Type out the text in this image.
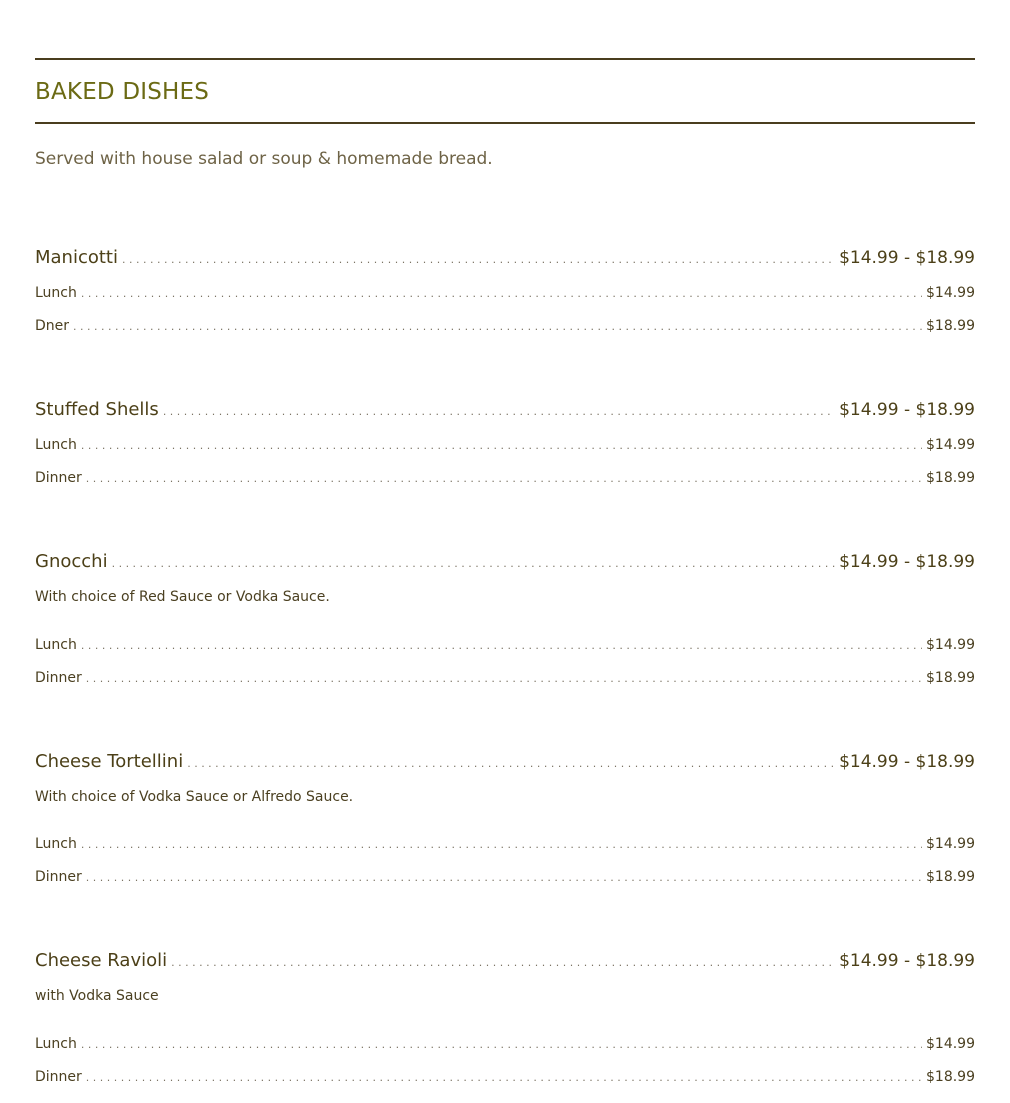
BAKED DISHES
Served with house salad or soup & homemade bread.
Manicotti . . .	$14.99 - $18.99
Lunch . . .	$14.99
Dner . . .	$18.99
Stuffed Shells . . .	$14.99 - $18.99
Lunch . . .	$14.99
Dinner . . .	$18.99
Gnocchi . . .	$14.99 - $18.99
With choice of Red Sauce or Vodka Sauce.
Lunch . . .	$14.99
Dinner . . .	$18.99
Cheese Tortellini . . .	$14.99 - $18.99
With choice of Vodka Sauce or Alfredo Sauce.
Lunch . . .	$14.99
Dinner . . .	$18.99
Cheese Ravioli . . .	$14.99 - $18.99
with Vodka Sauce
Lunch . . .	$14.99
Dinner . . .	$18.99
